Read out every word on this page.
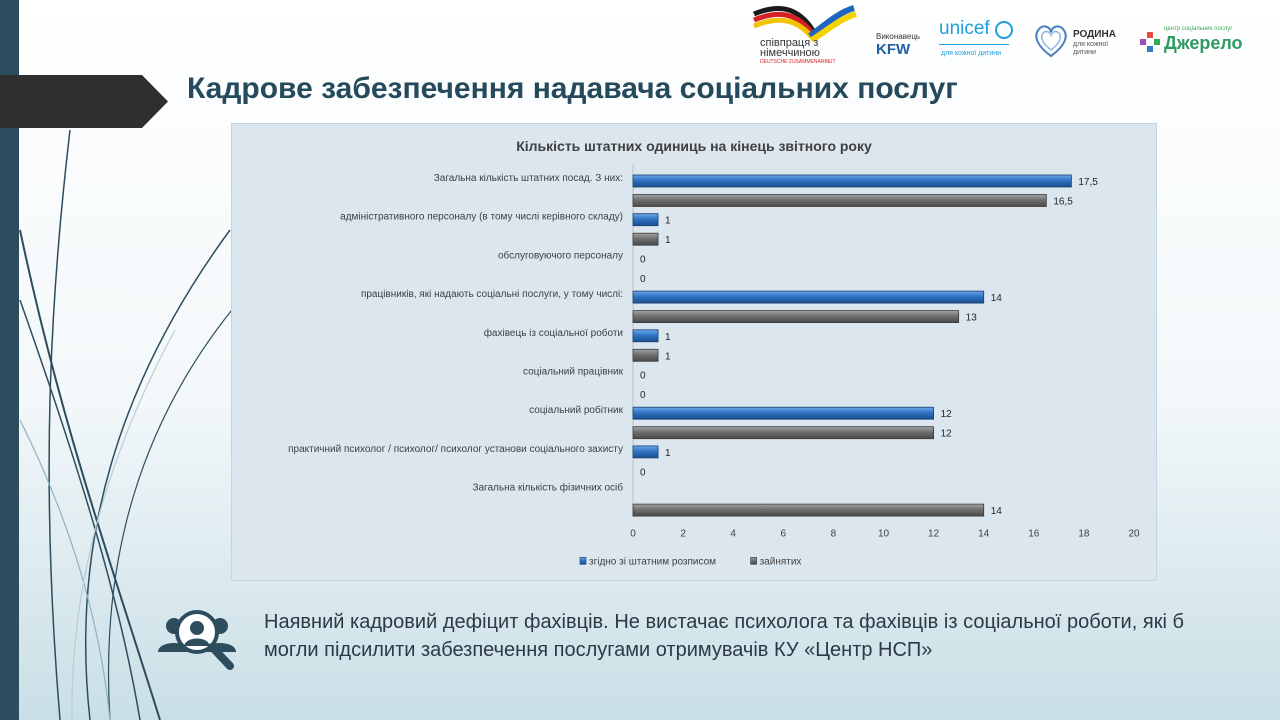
Кадрове забезпечення надавача соціальних послуг
співпраця з
німеччиною
DEUTSCHE ZUSAMMENARBEIT
Виконавець
KFW
unicef
для кожної дитини
РОДИНА
для кожної
дитини
центр соціальних послуг
Джерело
Кількість штатних одиниць на кінець звітного року
Загальна кількість штатних посад. З них:	17,5
16,5
адміністративного персоналу (в тому числі керівного складу)	1
1
обслуговуючого персоналу 0
0
працівників, які надають соціальні послуги, у тому числі:	14
13
фахівець із соціальної роботи	1
1
соціальний працівник 0
0
соціальний робітник	12
12
практичний психолог / психолог/ психолог установи соціального захисту	1
0
Загальна кількість фізичних осіб
14
0	2	4	6	8	10	12	14	16	18	20
згідно зі штатним розписом	зайнятих
Наявний кадровий дефіцит фахівців. Не вистачає психолога та фахівців із соціальної роботи, які б могли підсилити забезпечення послугами отримувачів КУ «Центр НСП»
